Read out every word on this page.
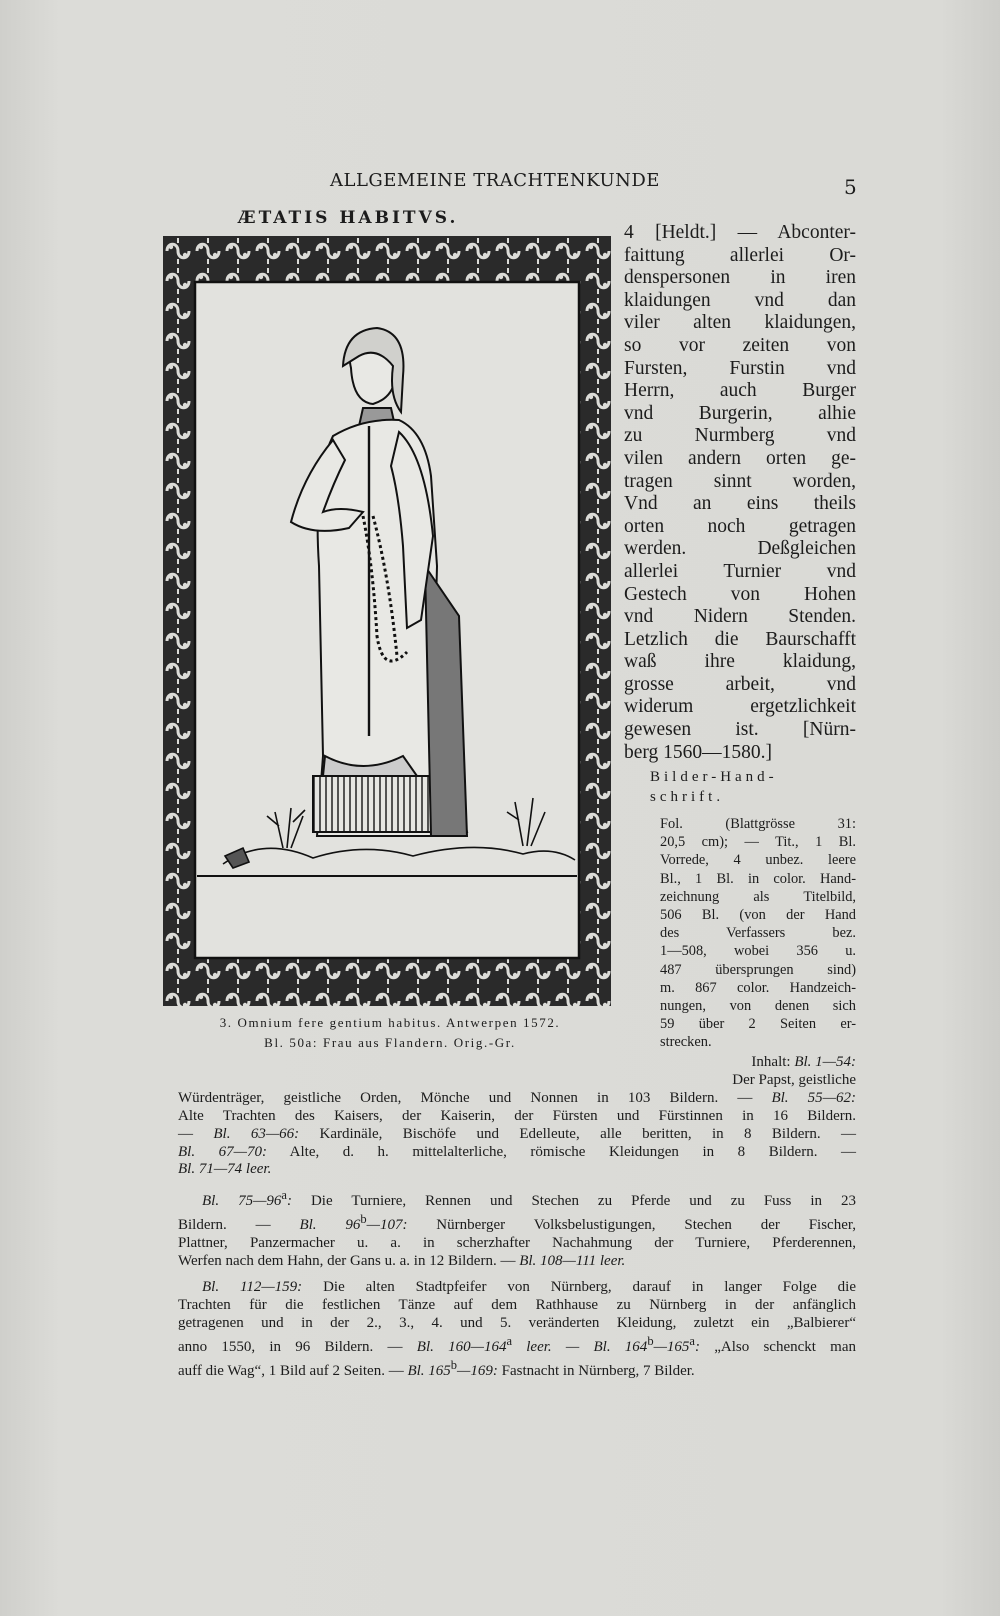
ALLGEMEINE TRACHTENKUNDE	5
ÆTATIS HABITVS.
3. Omnium fere gentium habitus. Antwerpen 1572.
Bl. 50a: Frau aus Flandern. Orig.-Gr.
4 [Heldt.] — Abconter-
faittung allerlei Or-
denspersonen in iren
klaidungen vnd dan
viler alten klaidungen,
so vor zeiten von
Fursten, Furstin vnd
Herrn, auch Burger
vnd Burgerin, alhie
zu Nurmberg vnd
vilen andern orten ge-
tragen sinnt worden,
Vnd an eins theils
orten noch getragen
werden. Deßgleichen
allerlei Turnier vnd
Gestech von Hohen
vnd Nidern Stenden.
Letzlich die Baurschafft
waß ihre klaidung,
grosse arbeit, vnd
widerum ergetzlichkeit
gewesen ist. [Nürn-
berg 1560—1580.]
Bilder-Hand-
schrift.
Fol. (Blattgrösse 31:
20,5 cm); — Tit., 1 Bl.
Vorrede, 4 unbez. leere
Bl., 1 Bl. in color. Hand-
zeichnung als Titelbild,
506 Bl. (von der Hand
des Verfassers bez.
1—508, wobei 356 u.
487 übersprungen sind)
m. 867 color. Handzeich-
nungen, von denen sich
59 über 2 Seiten er-
strecken.
Inhalt: Bl. 1—54:
Der Papst, geistliche
Würdenträger, geistliche Orden, Mönche und Nonnen in 103 Bildern. — Bl. 55—62:
Alte Trachten des Kaisers, der Kaiserin, der Fürsten und Fürstinnen in 16 Bildern.
— Bl. 63—66: Kardinäle, Bischöfe und Edelleute, alle beritten, in 8 Bildern. —
Bl. 67—70: Alte, d. h. mittelalterliche, römische Kleidungen in 8 Bildern. —
Bl. 71—74 leer.
Bl. 75—96$^a$: Die Turniere, Rennen und Stechen zu Pferde und zu Fuss in 23
Bildern. — Bl. 96$^b$—107: Nürnberger Volksbelustigungen, Stechen der Fischer,
Plattner, Panzermacher u. a. in scherzhafter Nachahmung der Turniere, Pferderennen,
Werfen nach dem Hahn, der Gans u. a. in 12 Bildern. — Bl. 108—111 leer.
Bl. 112—159: Die alten Stadtpfeifer von Nürnberg, darauf in langer Folge die
Trachten für die festlichen Tänze auf dem Rathhause zu Nürnberg in der anfänglich
getragenen und in der 2., 3., 4. und 5. veränderten Kleidung, zuletzt ein „Balbierer“
anno 1550, in 96 Bildern. — Bl. 160—164$^a$ leer. — Bl. 164$^b$—165$^a$: „Also schenckt man
auff die Wag“, 1 Bild auf 2 Seiten. — Bl. 165$^b$—169: Fastnacht in Nürnberg, 7 Bilder.
